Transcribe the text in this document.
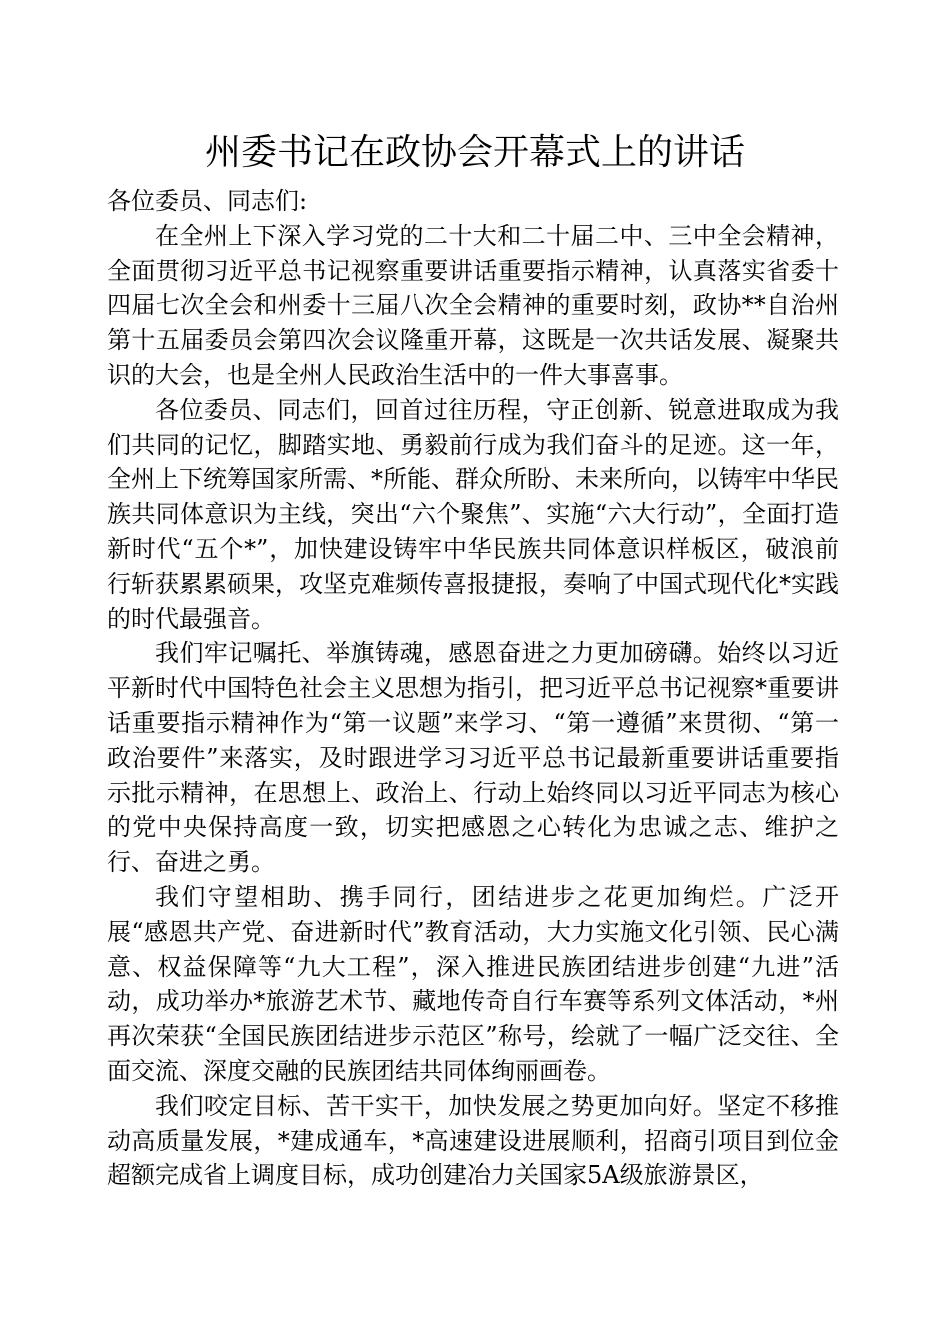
州委书记在政协会开幕式上的讲话

各位委员、同志们:

在全州上下深入学习党的二十大和二十届二中、三中全会精神，全面贯彻习近平总书记视察重要讲话重要指示精神，认真落实省委十四届七次全会和州委十三届八次全会精神的重要时刻，政协**自治州第十五届委员会第四次会议隆重开幕，这既是一次共话发展、凝聚共识的大会，也是全州人民政治生活中的一件大事喜事。

各位委员、同志们，回首过往历程，守正创新、锐意进取成为我们共同的记忆，脚踏实地、勇毅前行成为我们奋斗的足迹。这一年，全州上下统筹国家所需、*所能、群众所盼、未来所向，以铸牢中华民族共同体意识为主线，突出“六个聚焦”、实施“六大行动”，全面打造新时代“五个*”，加快建设铸牢中华民族共同体意识样板区，破浪前行斩获累累硕果，攻坚克难频传喜报捷报，奏响了中国式现代化*实践的时代最强音。

我们牢记嘱托、举旗铸魂，感恩奋进之力更加磅礴。始终以习近平新时代中国特色社会主义思想为指引，把习近平总书记视察*重要讲话重要指示精神作为“第一议题”来学习、“第一遵循”来贯彻、“第一政治要件”来落实，及时跟进学习习近平总书记最新重要讲话重要指示批示精神，在思想上、政治上、行动上始终同以习近平同志为核心的党中央保持高度一致，切实把感恩之心转化为忠诚之志、维护之行、奋进之勇。

我们守望相助、携手同行，团结进步之花更加绚烂。广泛开展“感恩共产党、奋进新时代”教育活动，大力实施文化引领、民心满意、权益保障等“九大工程”，深入推进民族团结进步创建“九进”活动，成功举办*旅游艺术节、藏地传奇自行车赛等系列文体活动，*州再次荣获“全国民族团结进步示范区”称号，绘就了一幅广泛交往、全面交流、深度交融的民族团结共同体绚丽画卷。

我们咬定目标、苦干实干，加快发展之势更加向好。坚定不移推动高质量发展，*建成通车，*高速建设进展顺利，招商引项目到位金超额完成省上调度目标，成功创建冶力关国家5A级旅游景区，
